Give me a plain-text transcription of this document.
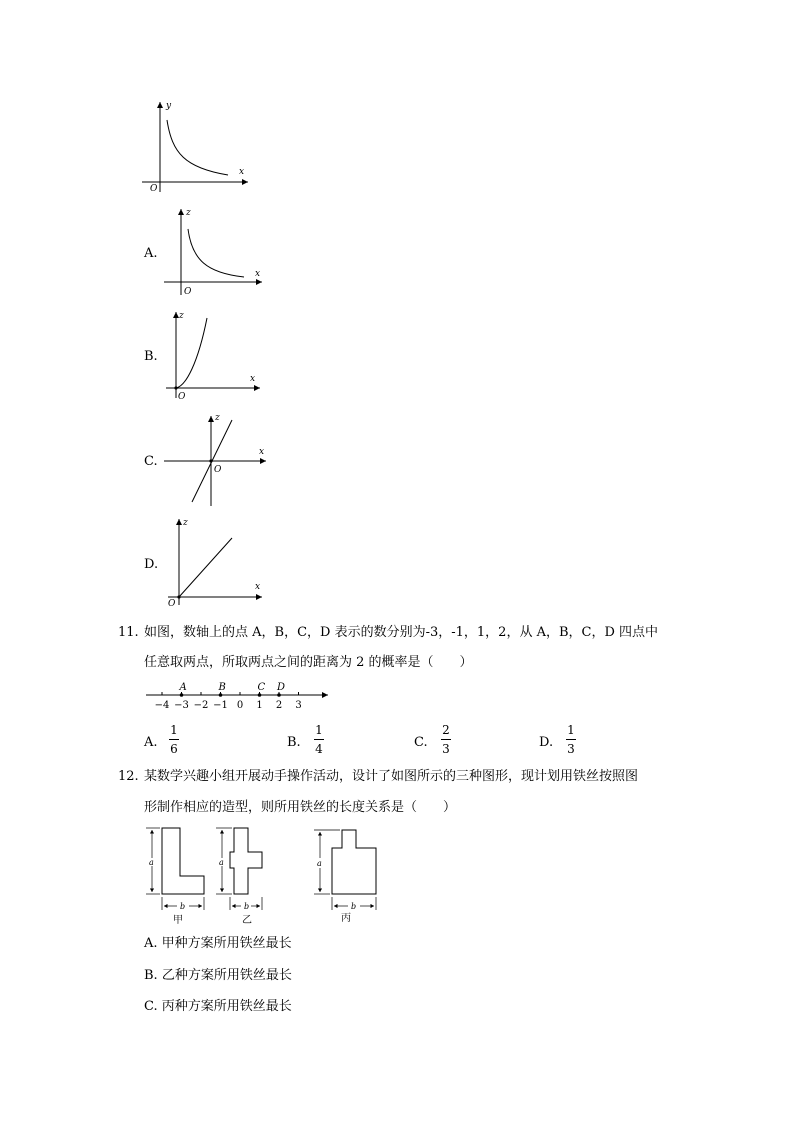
y
x
O
A.
z
x
O
B.
z
x
O
C.
z
x
O
D.
z
x
O
11. 如图，数轴上的点 A，B，C，D 表示的数分别为-3，-1，1，2，从 A，B，C，D 四点中
任意取两点，所取两点之间的距离为 2 的概率是（　　）
−4 −3 −2 −1 0 1 2 3
A	B	C D
A.
1
6	B.
1
4	C.
2
3	D.
1
3
12. 某数学兴趣小组开展动手操作活动，设计了如图所示的三种图形，现计划用铁丝按照图
形制作相应的造型，则所用铁丝的长度关系是（　　）
a
b
甲
a
b
乙
a
b
丙
A. 甲种方案所用铁丝最长
B. 乙种方案所用铁丝最长
C. 丙种方案所用铁丝最长
